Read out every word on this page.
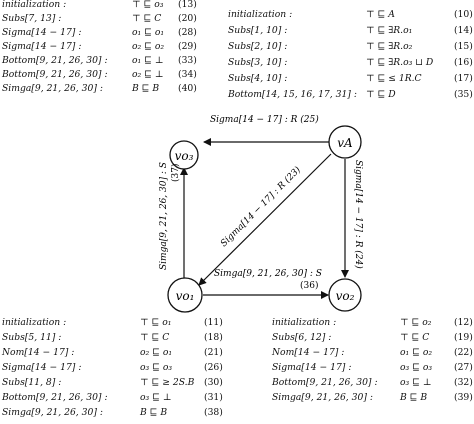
initialization :	⊤ ⊑ o₃ (13)
Subs[7, 13] :	⊤ ⊑ C (20)
Sigma[14 − 17] :	o₁ ⊑ o₁ (28)
Sigma[14 − 17] :	o₂ ⊑ o₂ (29)
Bottom[9, 21, 26, 30] :	o₁ ⊑ ⊥ (33)
Bottom[9, 21, 26, 30] :	o₂ ⊑ ⊥ (34)
Simga[9, 21, 26, 30] :	B ⊑ B (40)
initialization :	⊤ ⊑ A	(10)
Subs[1, 10] :	⊤ ⊑ ∃R.o₁	(14)
Subs[2, 10] :	⊤ ⊑ ∃R.o₂	(15)
Subs[3, 10] :	⊤ ⊑ ∃R.o₃ ⊔ D (16)
Subs[4, 10] :	⊤ ⊑ ≤ 1R.C	(17)
Bottom[14, 15, 16, 17, 31] : ⊤ ⊑ D	(35)
initialization :	⊤ ⊑ o₁	(11)
Subs[5, 11] :	⊤ ⊑ C	(18)
Nom[14 − 17] :	o₂ ⊑ o₁	(21)
Sigma[14 − 17] :	o₃ ⊑ o₃	(26)
Subs[11, 8] :	⊤ ⊑ ≥ 2S.B (30)
Bottom[9, 21, 26, 30] :	o₃ ⊑ ⊥	(31)
Simga[9, 21, 26, 30] :	B ⊑ B	(38)
initialization :	⊤ ⊑ o₂ (12)
Subs[6, 12] :	⊤ ⊑ C	(19)
Nom[14 − 17] :	o₁ ⊑ o₂ (22)
Sigma[14 − 17] :	o₃ ⊑ o₃ (27)
Bottom[9, 21, 26, 30] : o₃ ⊑ ⊥ (32)
Simga[9, 21, 26, 30] :	B ⊑ B	(39)
vo₃
vA
vo₁	vo₂
Sigma[14 − 17] : R (25)
Sigma[14 − 17] : R (23)	Sigma[14 − 17] : R (24)
Simga[9, 21, 26, 30] : S (37)
Simga[9, 21, 26, 30] : S
(36)
